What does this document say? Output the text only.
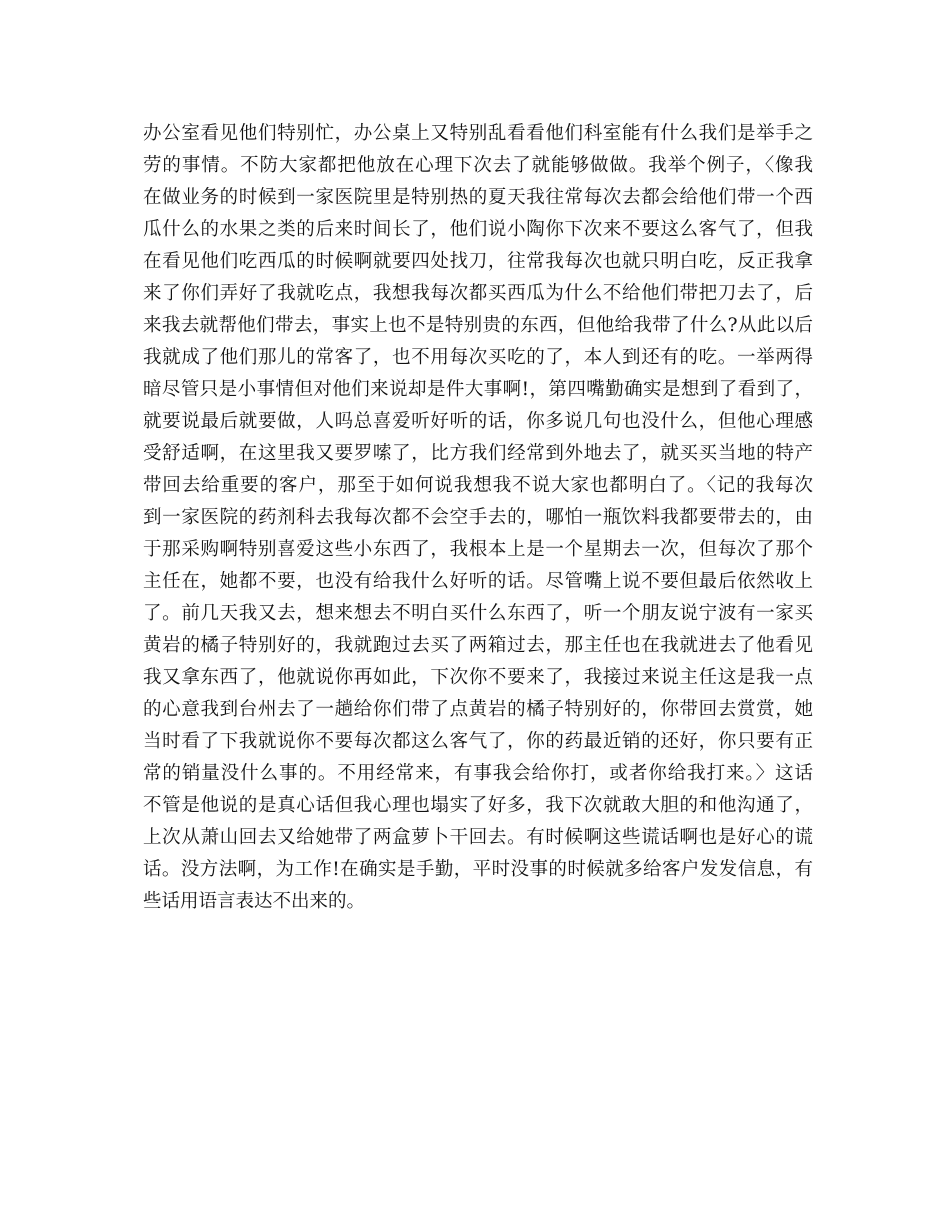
办公室看见他们特别忙，办公桌上又特别乱看看他们科室能有什么我们是举手之
劳的事情。不防大家都把他放在心理下次去了就能够做做。我举个例子，〈像我
在做业务的时候到一家医院里是特别热的夏天我往常每次去都会给他们带一个西
瓜什么的水果之类的后来时间长了，他们说小陶你下次来不要这么客气了，但我
在看见他们吃西瓜的时候啊就要四处找刀，往常我每次也就只明白吃，反正我拿
来了你们弄好了我就吃点，我想我每次都买西瓜为什么不给他们带把刀去了，后
来我去就帮他们带去，事实上也不是特别贵的东西，但他给我带了什么?从此以后
我就成了他们那儿的常客了，也不用每次买吃的了，本人到还有的吃。一举两得
暗尽管只是小事情但对他们来说却是件大事啊!，第四嘴勤确实是想到了看到了，
就要说最后就要做，人吗总喜爱听好听的话，你多说几句也没什么，但他心理感
受舒适啊，在这里我又要罗嗦了，比方我们经常到外地去了，就买买当地的特产
带回去给重要的客户，那至于如何说我想我不说大家也都明白了。〈记的我每次
到一家医院的药剂科去我每次都不会空手去的，哪怕一瓶饮料我都要带去的，由
于那采购啊特别喜爱这些小东西了，我根本上是一个星期去一次，但每次了那个
主任在，她都不要，也没有给我什么好听的话。尽管嘴上说不要但最后依然收上
了。前几天我又去，想来想去不明白买什么东西了，听一个朋友说宁波有一家买
黄岩的橘子特别好的，我就跑过去买了两箱过去，那主任也在我就进去了他看见
我又拿东西了，他就说你再如此，下次你不要来了，我接过来说主任这是我一点
的心意我到台州去了一趟给你们带了点黄岩的橘子特别好的，你带回去赏赏，她
当时看了下我就说你不要每次都这么客气了，你的药最近销的还好，你只要有正
常的销量没什么事的。不用经常来，有事我会给你打，或者你给我打来。〉这话
不管是他说的是真心话但我心理也塌实了好多，我下次就敢大胆的和他沟通了，
上次从萧山回去又给她带了两盒萝卜干回去。有时候啊这些谎话啊也是好心的谎
话。没方法啊，为工作!在确实是手勤，平时没事的时候就多给客户发发信息，有
些话用语言表达不出来的。
